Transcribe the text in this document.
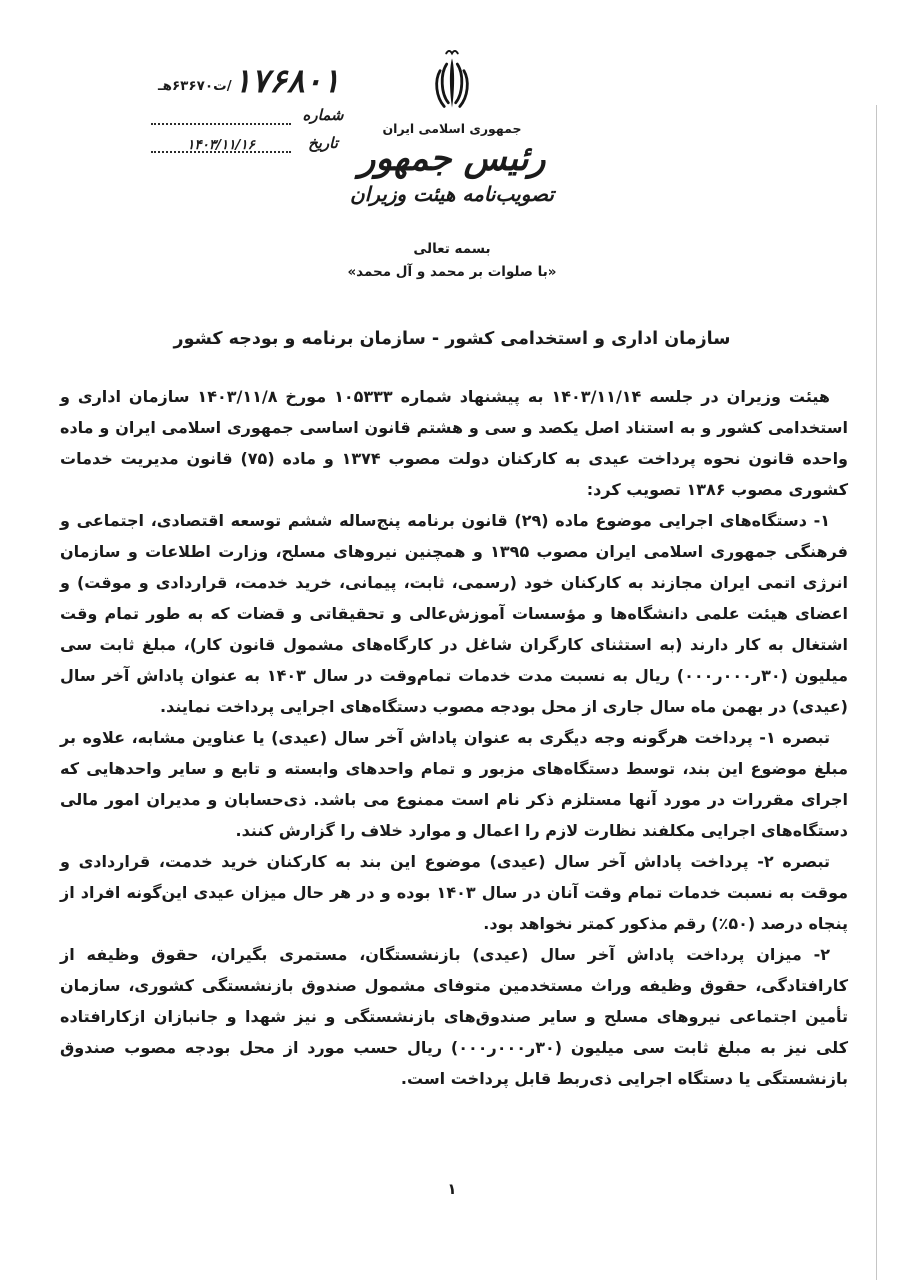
۱۷۶۸۰۱
/ت۶۳۶۷۰هـ
شماره
تاریخ
۱۴۰۳/۱۱/۱۶
جمهوری اسلامی ایران
رئیس جمهور
تصویب‌نامه هیئت وزیران
بسمه تعالی
«با صلوات بر محمد و آل محمد»
سازمان اداری و استخدامی کشور - سازمان برنامه و بودجه کشور

هیئت وزیران در جلسه ۱۴۰۳/۱۱/۱۴ به پیشنهاد شماره ۱۰۵۳۳۳ مورخ ۱۴۰۳/۱۱/۸ سازمان اداری و استخدامی کشور و به استناد اصل یکصد و سی و هشتم قانون اساسی جمهوری اسلامی ایران و ماده واحده قانون نحوه پرداخت عیدی به کارکنان دولت مصوب ۱۳۷۴ و ماده (۷۵) قانون مدیریت خدمات کشوری مصوب ۱۳۸۶ تصویب کرد:

۱- دستگاه‌های اجرایی موضوع ماده (۲۹) قانون برنامه پنج‌ساله ششم توسعه اقتصادی، اجتماعی و فرهنگی جمهوری اسلامی ایران مصوب ۱۳۹۵ و همچنین نیروهای مسلح، وزارت اطلاعات و سازمان انرژی اتمی ایران مجازند به کارکنان خود (رسمی، ثابت، پیمانی، خرید خدمت، قراردادی و موقت) و اعضای هیئت علمی دانشگاه‌ها و مؤسسات آموزش‌عالی و تحقیقاتی و قضات که به طور تمام وقت اشتغال به کار دارند (به استثنای کارگران شاغل در کارگاه‌های مشمول قانون کار)، مبلغ ثابت سی میلیون (۳۰ر۰۰۰ر۰۰۰) ریال به نسبت مدت خدمات تمام‌وقت در سال ۱۴۰۳ به عنوان پاداش آخر سال (عیدی) در بهمن ماه سال جاری از محل بودجه مصوب دستگاه‌های اجرایی پرداخت نمایند.

تبصره ۱- پرداخت هرگونه وجه دیگری به عنوان پاداش آخر سال (عیدی) یا عناوین مشابه، علاوه بر مبلغ موضوع این بند، توسط دستگاه‌های مزبور و تمام واحدهای وابسته و تابع و سایر واحدهایی که اجرای مقررات در مورد آنها مستلزم ذکر نام است ممنوع می باشد. ذی‌حسابان و مدیران امور مالی دستگاه‌های اجرایی مکلفند نظارت لازم را اعمال و موارد خلاف را گزارش کنند.

تبصره ۲- پرداخت پاداش آخر سال (عیدی) موضوع این بند به کارکنان خرید خدمت، قراردادی و موقت به نسبت خدمات تمام وقت آنان در سال ۱۴۰۳ بوده و در هر حال میزان عیدی این‌گونه افراد از پنجاه درصد (۵۰٪) رقم مذکور کمتر نخواهد بود.

۲- میزان پرداخت پاداش آخر سال (عیدی) بازنشستگان، مستمری بگیران، حقوق وظیفه از کارافتادگی، حقوق وظیفه وراث مستخدمین متوفای مشمول صندوق بازنشستگی کشوری، سازمان تأمین اجتماعی نیروهای مسلح و سایر صندوق‌های بازنشستگی و نیز شهدا و جانبازان ازکارافتاده کلی نیز به مبلغ ثابت سی میلیون (۳۰ر۰۰۰ر۰۰۰) ریال حسب مورد از محل بودجه مصوب صندوق بازنشستگی یا دستگاه اجرایی ذی‌ربط قابل پرداخت است.

۱
